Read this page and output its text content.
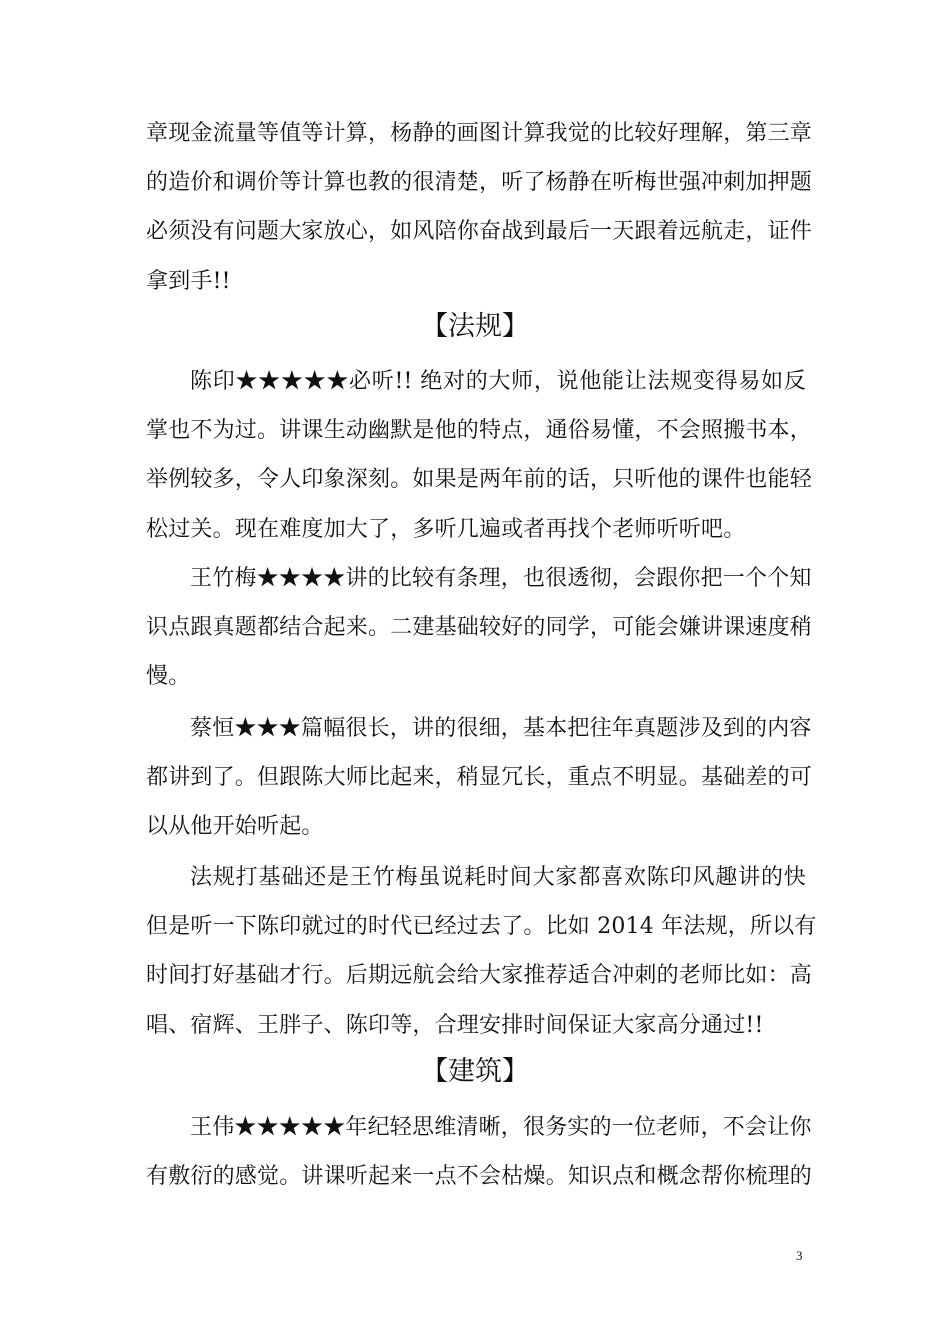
章现金流量等值等计算，杨静的画图计算我觉的比较好理解，第三章
的造价和调价等计算也教的很清楚，听了杨静在听梅世强冲刺加押题
必须没有问题大家放心，如风陪你奋战到最后一天跟着远航走，证件
拿到手!!
【法规】
陈印★★★★★必听!! 绝对的大师，说他能让法规变得易如反
掌也不为过。讲课生动幽默是他的特点，通俗易懂，不会照搬书本，
举例较多，令人印象深刻。如果是两年前的话，只听他的课件也能轻
松过关。现在难度加大了，多听几遍或者再找个老师听听吧。
王竹梅★★★★讲的比较有条理，也很透彻，会跟你把一个个知
识点跟真题都结合起来。二建基础较好的同学，可能会嫌讲课速度稍
慢。
蔡恒★★★篇幅很长，讲的很细，基本把往年真题涉及到的内容
都讲到了。但跟陈大师比起来，稍显冗长，重点不明显。基础差的可
以从他开始听起。
法规打基础还是王竹梅虽说耗时间大家都喜欢陈印风趣讲的快
但是听一下陈印就过的时代已经过去了。比如 2014 年法规，所以有
时间打好基础才行。后期远航会给大家推荐适合冲刺的老师比如：高
唱、宿辉、王胖子、陈印等，合理安排时间保证大家高分通过!!
【建筑】
王伟★★★★★年纪轻思维清晰，很务实的一位老师，不会让你
有敷衍的感觉。讲课听起来一点不会枯燥。知识点和概念帮你梳理的
3
